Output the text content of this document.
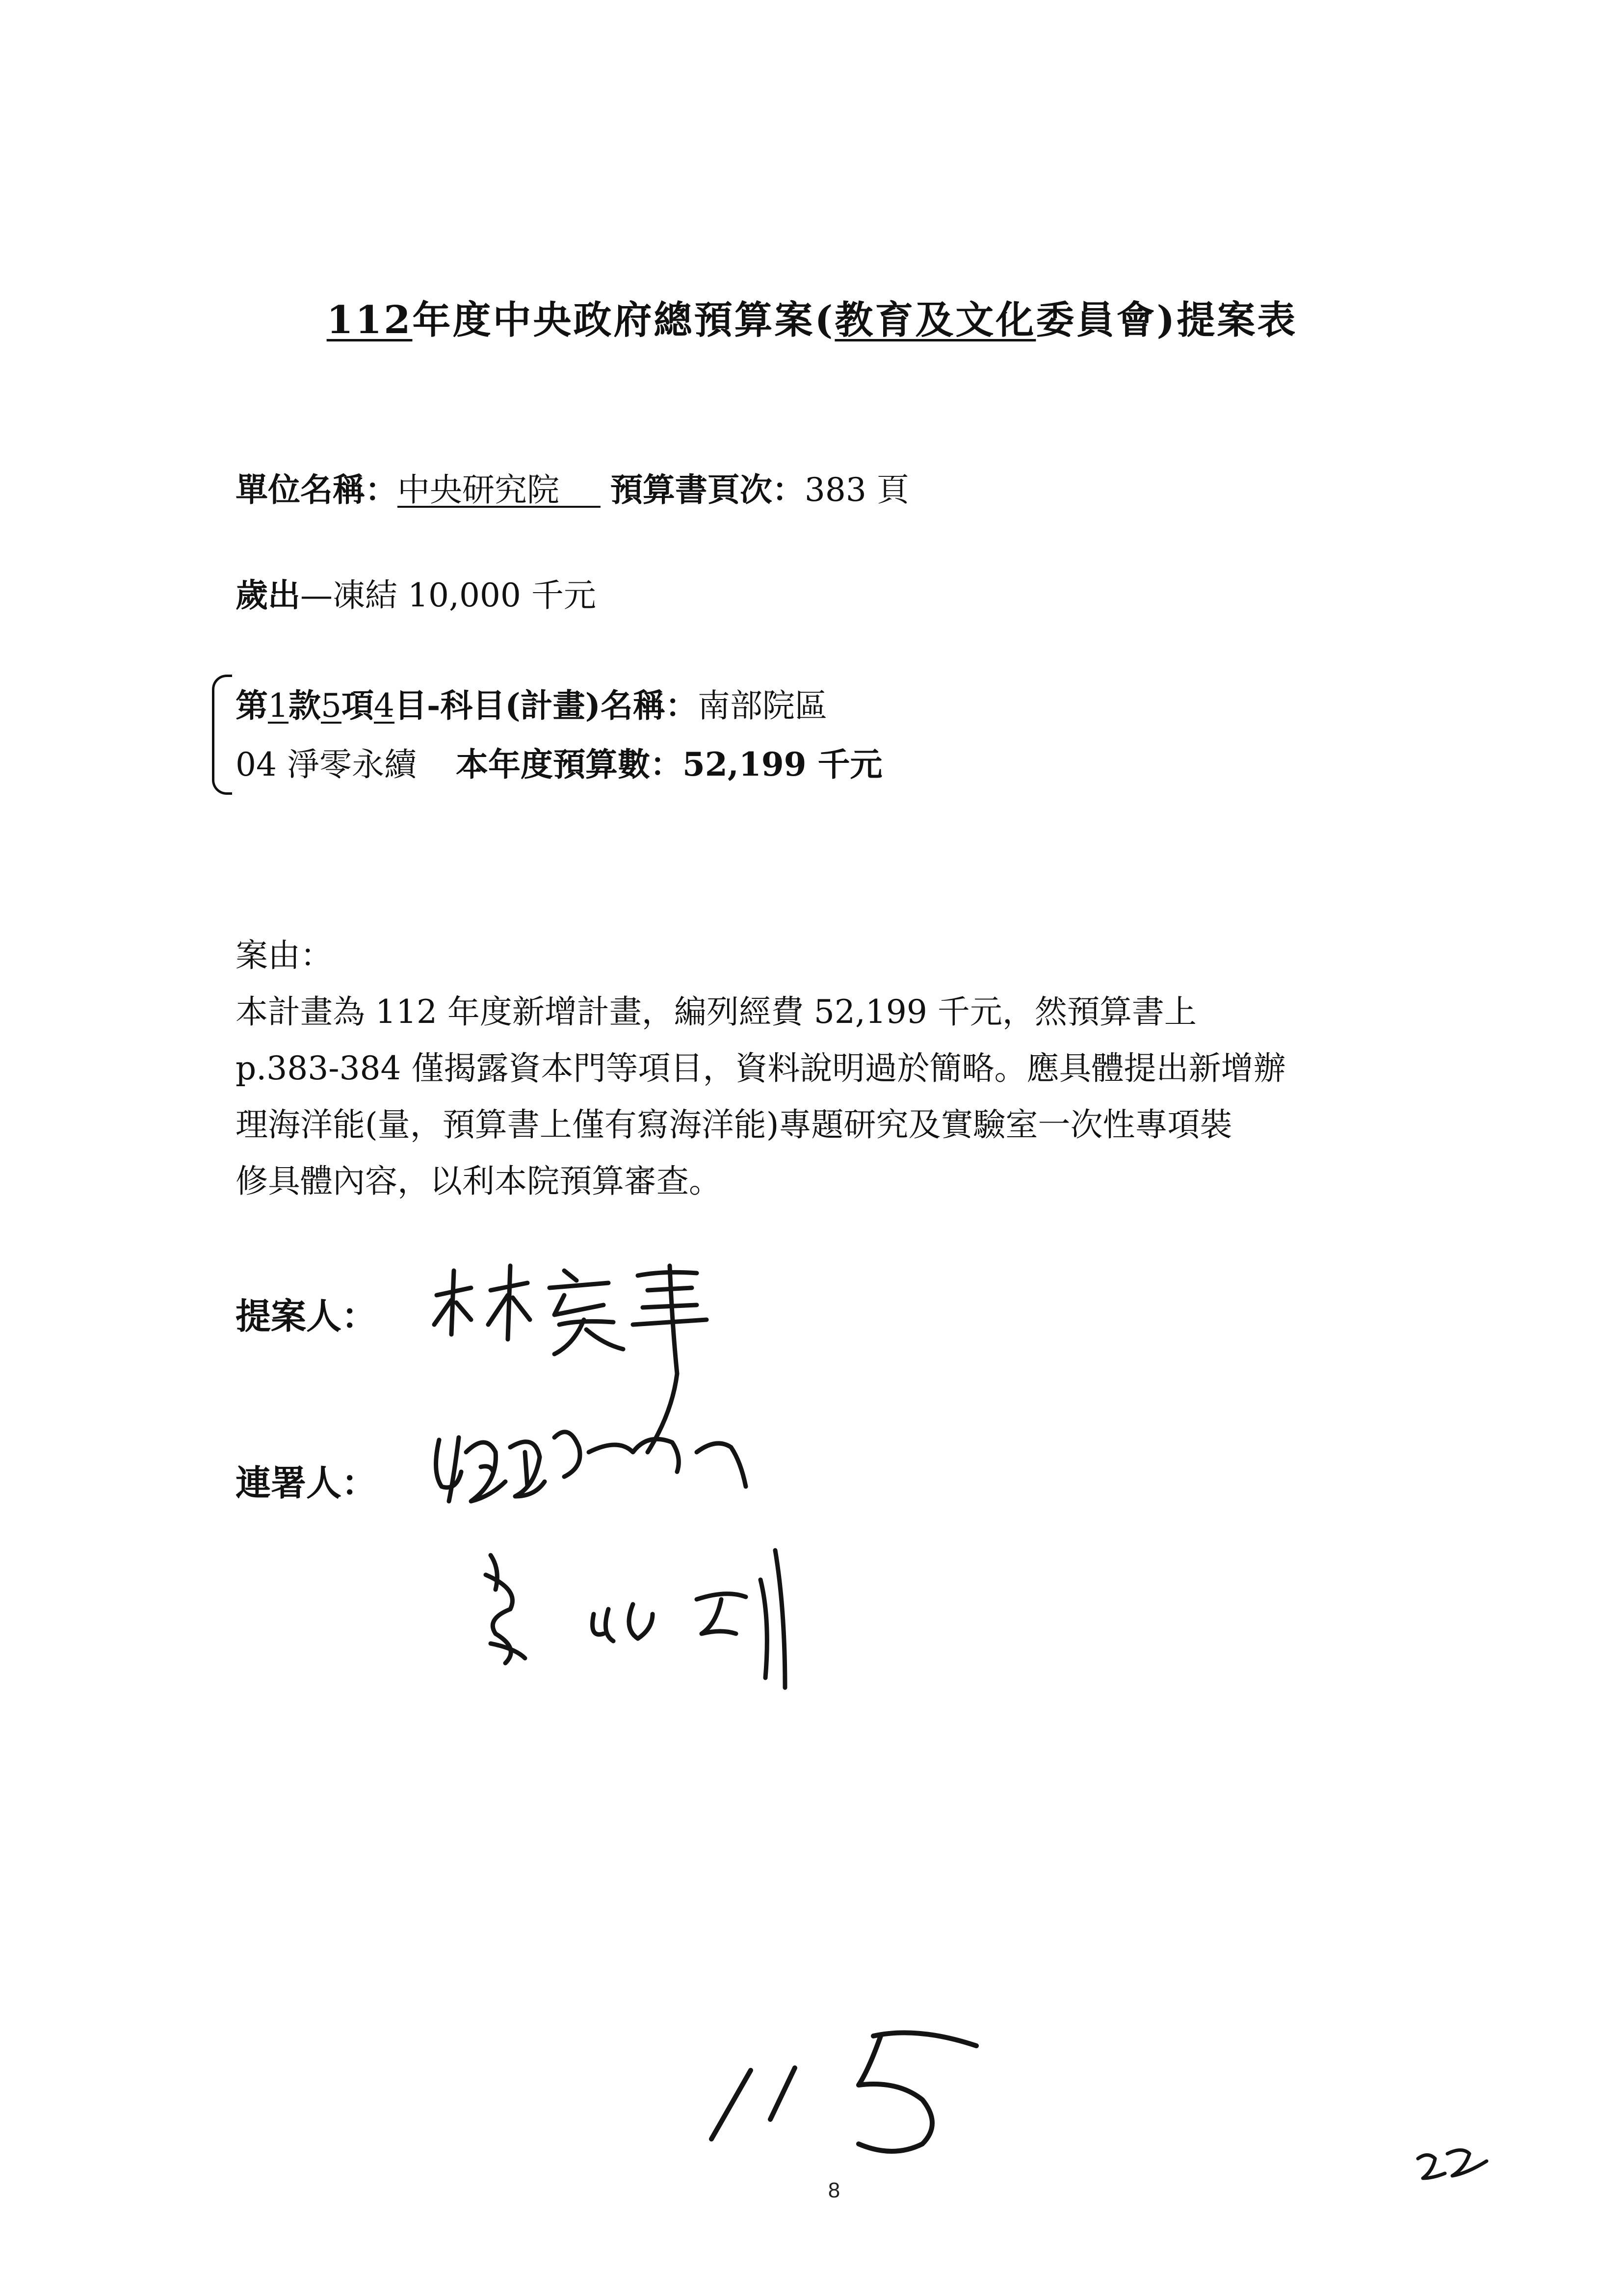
112年度中央政府總預算案(教育及文化委員會)提案表
單位名稱：中央研究院 預算書頁次：383 頁
歲出—凍結 10,000 千元
第1款5項4目-科目(計畫)名稱：南部院區
04 淨零永續 本年度預算數：52,199 千元

案由：

本計畫為 112 年度新增計畫，編列經費 52,199 千元，然預算書上

p.383-384 僅揭露資本門等項目，資料說明過於簡略。應具體提出新增辦

理海洋能(量，預算書上僅有寫海洋能)專題研究及實驗室一次性專項裝

修具體內容，以利本院預算審查。

提案人：
連署人：
8
